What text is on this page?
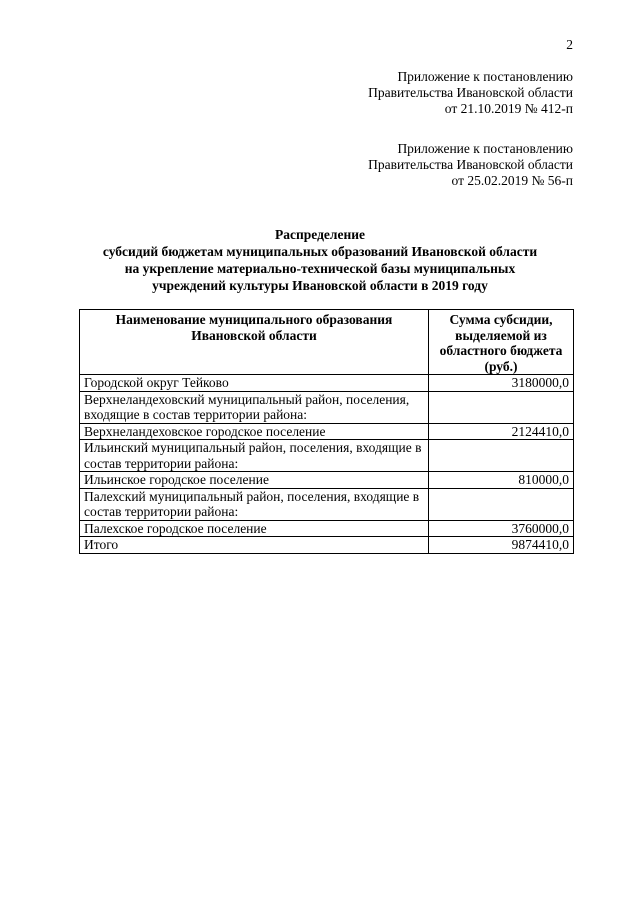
2
Приложение к постановлению
Правительства Ивановской области
от 21.10.2019 № 412-п
Приложение к постановлению
Правительства Ивановской области
от 25.02.2019 № 56-п
Распределение
субсидий бюджетам муниципальных образований Ивановской области
на укрепление материально-технической базы муниципальных
учреждений культуры Ивановской области в 2019 году
Наименование муниципального образования Ивановской области	Сумма субсидии, выделяемой из областного бюджета (руб.)
Городской округ Тейково	3180000,0
Верхнеландеховский муниципальный район, поселения, входящие в состав территории района:	
Верхнеландеховское городское поселение	2124410,0
Ильинский муниципальный район, поселения, входящие в состав территории района:	
Ильинское городское поселение	810000,0
Палехский муниципальный район, поселения, входящие в состав территории района:	
Палехское городское поселение	3760000,0
Итого	9874410,0
